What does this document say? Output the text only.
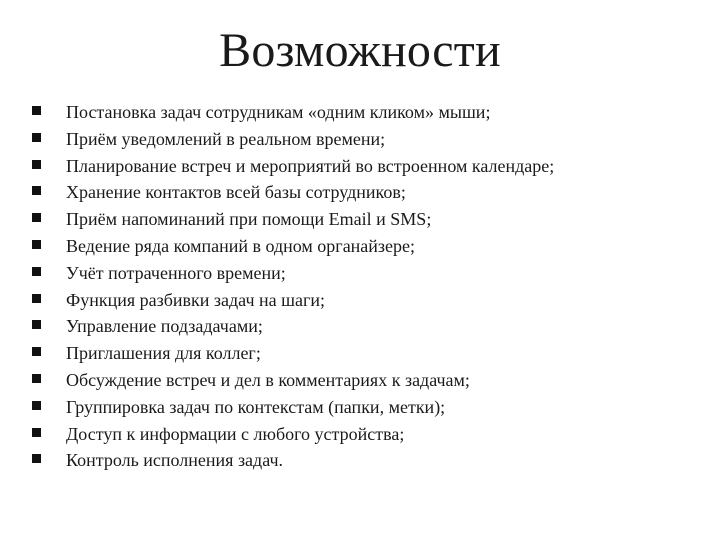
Возможности
Постановка задач сотрудникам «одним кликом» мыши;
Приём уведомлений в реальном времени;
Планирование встреч и мероприятий во встроенном календаре;
Хранение контактов всей базы сотрудников;
Приём напоминаний при помощи Email и SMS;
Ведение ряда компаний в одном органайзере;
Учёт потраченного времени;
Функция разбивки задач на шаги;
Управление подзадачами;
Приглашения для коллег;
Обсуждение встреч и дел в комментариях к задачам;
Группировка задач по контекстам (папки, метки);
Доступ к информации с любого устройства;
Контроль исполнения задач.
